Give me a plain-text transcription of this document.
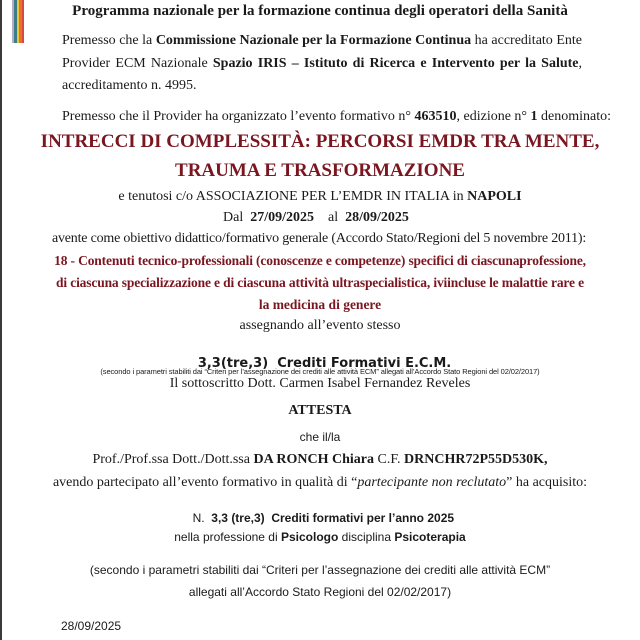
Programma nazionale per la formazione continua degli operatori della Sanità
Premesso che la Commissione Nazionale per la Formazione Continua ha accreditato Ente
Provider ECM Nazionale Spazio IRIS – Istituto di Ricerca e Intervento per la Salute,
accreditamento n. 4995.
Premesso che il Provider ha organizzato l’evento formativo n° 463510, edizione n° 1 denominato:
INTRECCI DI COMPLESSITÀ: PERCORSI EMDR TRA MENTE,
TRAUMA E TRASFORMAZIONE
e tenutosi c/o ASSOCIAZIONE PER L’EMDR IN ITALIA in NAPOLI
Dal  27/09/2025 al  28/09/2025
avente come obiettivo didattico/formativo generale (Accordo Stato/Regioni del 5 novembre 2011):
18 - Contenuti tecnico-professionali (conoscenze e competenze) specifici di ciascunaprofessione,
di ciascuna specializzazione e di ciascuna attività ultraspecialistica, iviincluse le malattie rare e
la medicina di genere
assegnando all’evento stesso

3,3(tre,3)  Crediti Formativi E.C.M.

(secondo i parametri stabiliti dai “Criteri per l’assegnazione dei crediti alle attività ECM” allegati all’Accordo Stato Regioni del 02/02/2017)
Il sottoscritto Dott. Carmen Isabel Fernandez Reveles
ATTESTA
che il/la
Prof./Prof.ssa Dott./Dott.ssa DA RONCH Chiara C.F. DRNCHR72P55D530K,
avendo partecipato all’evento formativo in qualità di “partecipante non reclutato” ha acquisito:

N.  3,3 (tre,3)  Crediti formativi per l’anno 2025

nella professione di Psicologo disciplina Psicoterapia
(secondo i parametri stabiliti dai “Criteri per l’assegnazione dei crediti alle attività ECM”
allegati all’Accordo Stato Regioni del 02/02/2017)
28/09/2025
